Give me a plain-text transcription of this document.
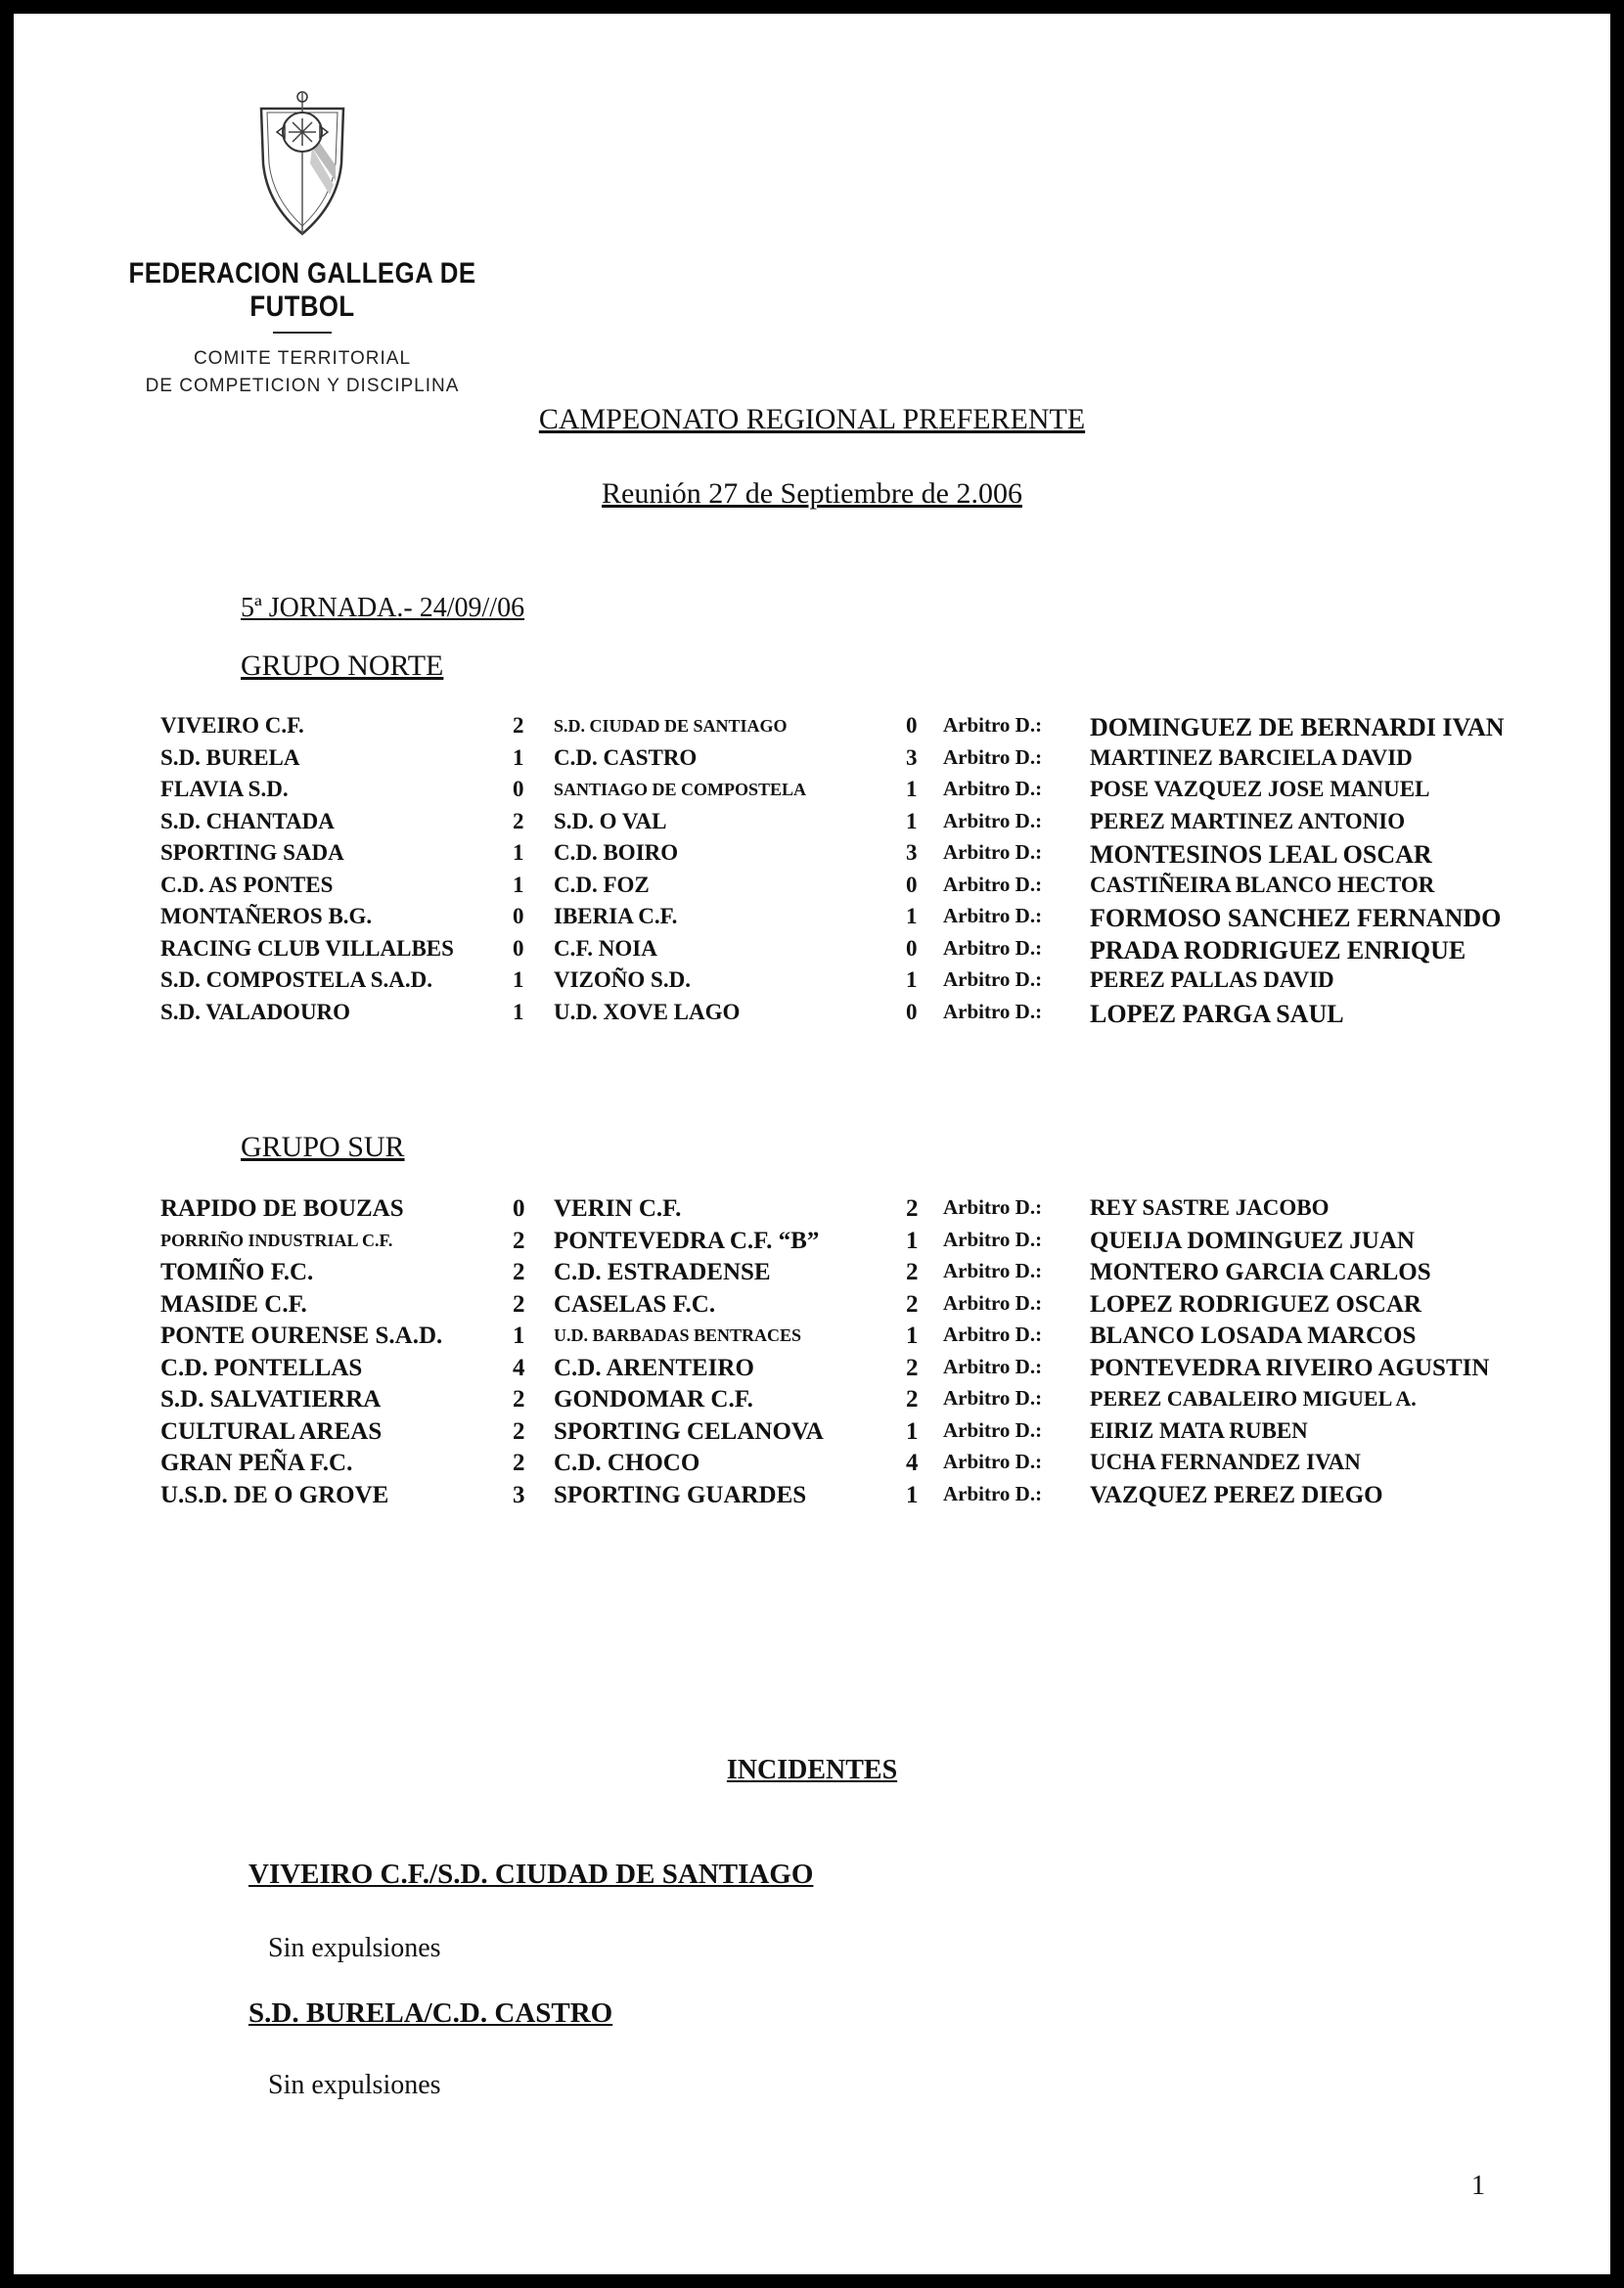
FEDERACION GALLEGA DE FUTBOL
COMITE TERRITORIAL
DE COMPETICION Y DISCIPLINA
CAMPEONATO REGIONAL PREFERENTE
Reunión 27 de Septiembre de 2.006
5ª JORNADA.- 24/09//06
GRUPO NORTE
VIVEIRO C.F.	2 S.D. CIUDAD DE SANTIAGO	0 Arbitro D.: DOMINGUEZ DE BERNARDI IVAN
S.D. BURELA	1 C.D. CASTRO	3 Arbitro D.: MARTINEZ BARCIELA DAVID
FLAVIA S.D.	0 SANTIAGO DE COMPOSTELA	1 Arbitro D.: POSE VAZQUEZ JOSE MANUEL
S.D. CHANTADA	2 S.D. O VAL	1 Arbitro D.: PEREZ MARTINEZ ANTONIO
SPORTING SADA	1 C.D. BOIRO	3 Arbitro D.: MONTESINOS LEAL OSCAR
C.D. AS PONTES	1 C.D. FOZ	0 Arbitro D.: CASTIÑEIRA BLANCO HECTOR
MONTAÑEROS B.G.	0 IBERIA C.F.	1 Arbitro D.: FORMOSO SANCHEZ FERNANDO
RACING CLUB VILLALBES	0 C.F. NOIA	0 Arbitro D.: PRADA RODRIGUEZ ENRIQUE
S.D. COMPOSTELA S.A.D.	1 VIZOÑO S.D.	1 Arbitro D.: PEREZ PALLAS DAVID
S.D. VALADOURO	1 U.D. XOVE LAGO	0 Arbitro D.: LOPEZ PARGA SAUL
GRUPO SUR
RAPIDO DE BOUZAS	0 VERIN C.F.	2 Arbitro D.: REY SASTRE JACOBO
PORRIÑO INDUSTRIAL C.F.	2 PONTEVEDRA C.F. “B”	1 Arbitro D.: QUEIJA DOMINGUEZ JUAN
TOMIÑO F.C.	2 C.D. ESTRADENSE	2 Arbitro D.: MONTERO GARCIA CARLOS
MASIDE C.F.	2 CASELAS F.C.	2 Arbitro D.: LOPEZ RODRIGUEZ OSCAR
PONTE OURENSE S.A.D.	1 U.D. BARBADAS BENTRACES	1 Arbitro D.: BLANCO LOSADA MARCOS
C.D. PONTELLAS	4 C.D. ARENTEIRO	2 Arbitro D.: PONTEVEDRA RIVEIRO AGUSTIN
S.D. SALVATIERRA	2 GONDOMAR C.F.	2 Arbitro D.: PEREZ CABALEIRO MIGUEL A.
CULTURAL AREAS	2 SPORTING CELANOVA	1 Arbitro D.: EIRIZ MATA RUBEN
GRAN PEÑA F.C.	2 C.D. CHOCO	4 Arbitro D.: UCHA FERNANDEZ IVAN
U.S.D. DE O GROVE	3 SPORTING GUARDES	1 Arbitro D.: VAZQUEZ PEREZ DIEGO
INCIDENTES
VIVEIRO C.F./S.D. CIUDAD DE SANTIAGO
Sin expulsiones
S.D. BURELA/C.D. CASTRO
Sin expulsiones
1
